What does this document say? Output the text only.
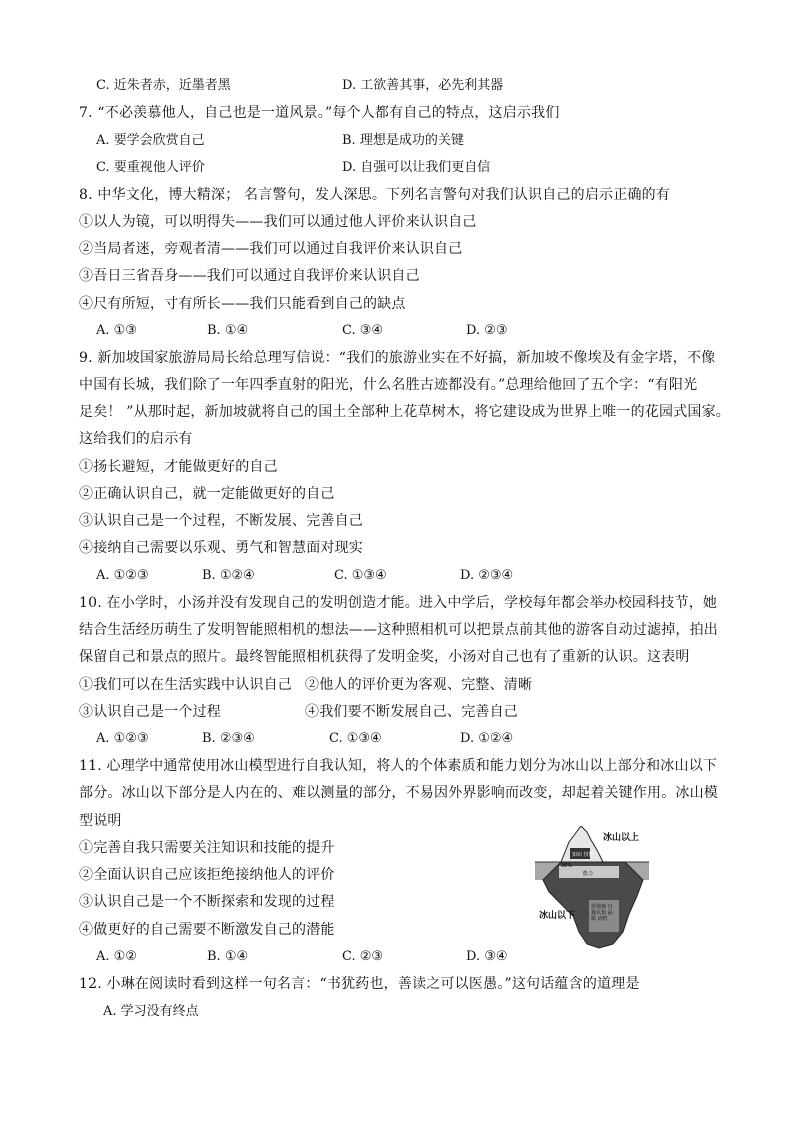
C. 近朱者赤，近墨者黑	D. 工欲善其事，必先利其器
7. “不必羡慕他人，自己也是一道风景。”每个人都有自己的特点，这启示我们
A. 要学会欣赏自己	B. 理想是成功的关键
C. 要重视他人评价	D. 自强可以让我们更自信
8. 中华文化，博大精深； 名言警句，发人深思。下列名言警句对我们认识自己的启示正确的有
①以人为镜，可以明得失——我们可以通过他人评价来认识自己
②当局者迷，旁观者清——我们可以通过自我评价来认识自己
③吾日三省吾身——我们可以通过自我评价来认识自己
④尺有所短，寸有所长——我们只能看到自己的缺点
A. ①③	B. ①④	C. ③④	D. ②③
9. 新加坡国家旅游局局长给总理写信说：“我们的旅游业实在不好搞，新加坡不像埃及有金字塔，不像
中国有长城，我们除了一年四季直射的阳光，什么名胜古迹都没有。”总理给他回了五个字：“有阳光
足矣！ ”从那时起，新加坡就将自己的国土全部种上花草树木，将它建设成为世界上唯一的花园式国家。
这给我们的启示有
①扬长避短，才能做更好的自己
②正确认识自己，就一定能做更好的自己
③认识自己是一个过程，不断发展、完善自己
④接纳自己需要以乐观、勇气和智慧面对现实
A. ①②③	B. ①②④	C. ①③④	D. ②③④
10. 在小学时，小汤并没有发现自己的发明创造才能。进入中学后，学校每年都会举办校园科技节，她
结合生活经历萌生了发明智能照相机的想法——这种照相机可以把景点前其他的游客自动过滤掉，拍出
保留自己和景点的照片。最终智能照相机获得了发明金奖，小汤对自己也有了重新的认识。这表明
①我们可以在生活实践中认识自己 ②他人的评价更为客观、完整、清晰
③认识自己是一个过程	④我们要不断发展自己、完善自己
A. ①②③	B. ②③④	C. ①③④	D. ①②④
11. 心理学中通常使用冰山模型进行自我认知，将人的个体素质和能力划分为冰山以上部分和冰山以下
部分。冰山以下部分是人内在的、难以测量的部分，不易因外界影响而改变，却起着关键作用。冰山模
型说明
①完善自我只需要关注知识和技能的提升
②全面认识自己应该拒绝接纳他人的评价
③认识自己是一个不断探索和发现的过程
④做更好的自己需要不断激发自己的潜能
A. ①②	B. ①④	C. ②③	D. ③④
冰山以上
冰山以下
知识 技能
30%
能力
价值观 自我认知 品质 动机
12. 小琳在阅读时看到这样一句名言：“书犹药也，善读之可以医愚。”这句话蕴含的道理是
A. 学习没有终点
